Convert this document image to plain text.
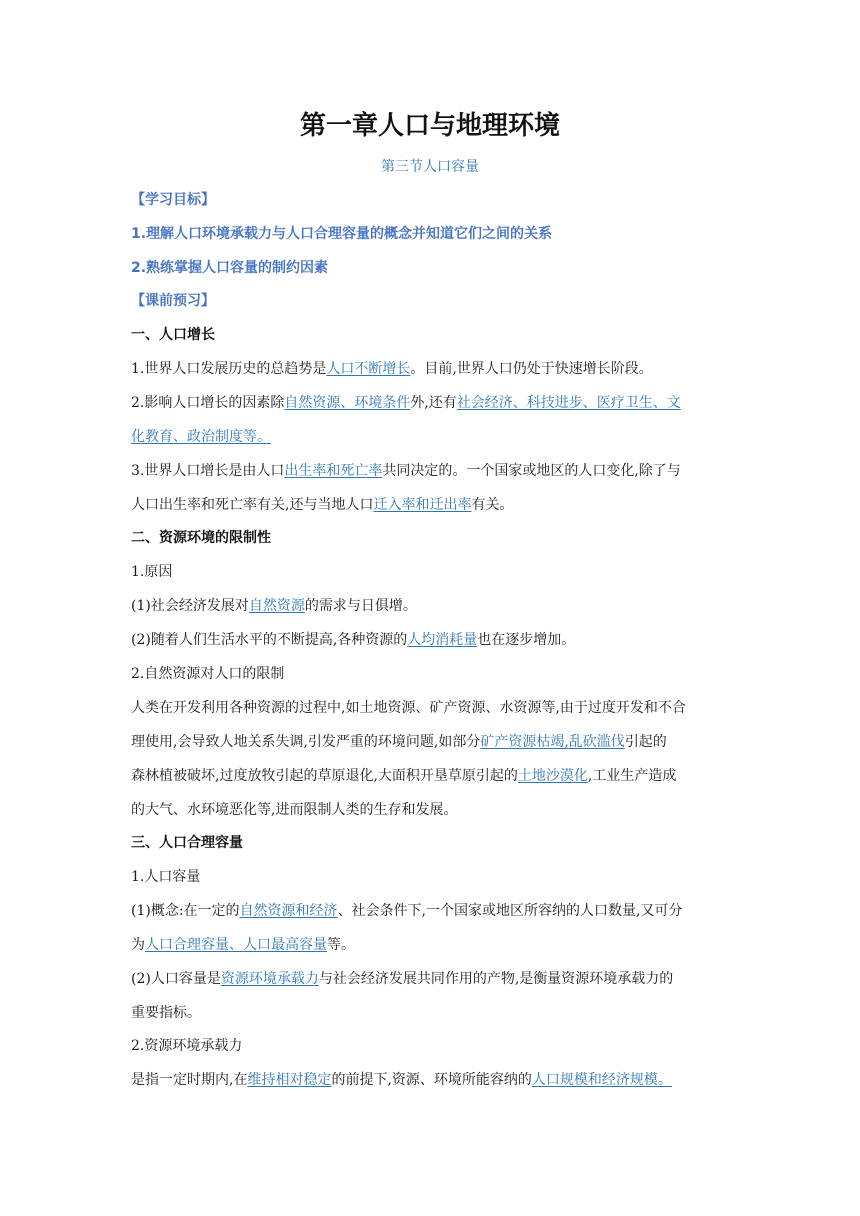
第一章人口与地理环境
第三节人口容量
【学习目标】
1.理解人口环境承载力与人口合理容量的概念并知道它们之间的关系
2.熟练掌握人口容量的制约因素
【课前预习】
一、人口增长
1.世界人口发展历史的总趋势是人口不断增长。目前,世界人口仍处于快速增长阶段。
2.影响人口增长的因素除自然资源、环境条件外,还有社会经济、科技进步、医疗卫生、文
化教育、政治制度等。
3.世界人口增长是由人口出生率和死亡率共同决定的。一个国家或地区的人口变化,除了与
人口出生率和死亡率有关,还与当地人口迁入率和迁出率有关。
二、资源环境的限制性
1.原因
(1)社会经济发展对自然资源的需求与日俱增。
(2)随着人们生活水平的不断提高,各种资源的人均消耗量也在逐步增加。
2.自然资源对人口的限制
人类在开发利用各种资源的过程中,如土地资源、矿产资源、水资源等,由于过度开发和不合
理使用,会导致人地关系失调,引发严重的环境问题,如部分矿产资源枯竭,乱砍滥伐引起的
森林植被破坏,过度放牧引起的草原退化,大面积开垦草原引起的土地沙漠化,工业生产造成
的大气、水环境恶化等,进而限制人类的生存和发展。
三、人口合理容量
1.人口容量
(1)概念:在一定的自然资源和经济、社会条件下,一个国家或地区所容纳的人口数量,又可分
为人口合理容量、人口最高容量等。
(2)人口容量是资源环境承载力与社会经济发展共同作用的产物,是衡量资源环境承载力的
重要指标。
2.资源环境承载力
是指一定时期内,在维持相对稳定的前提下,资源、环境所能容纳的人口规模和经济规模。
